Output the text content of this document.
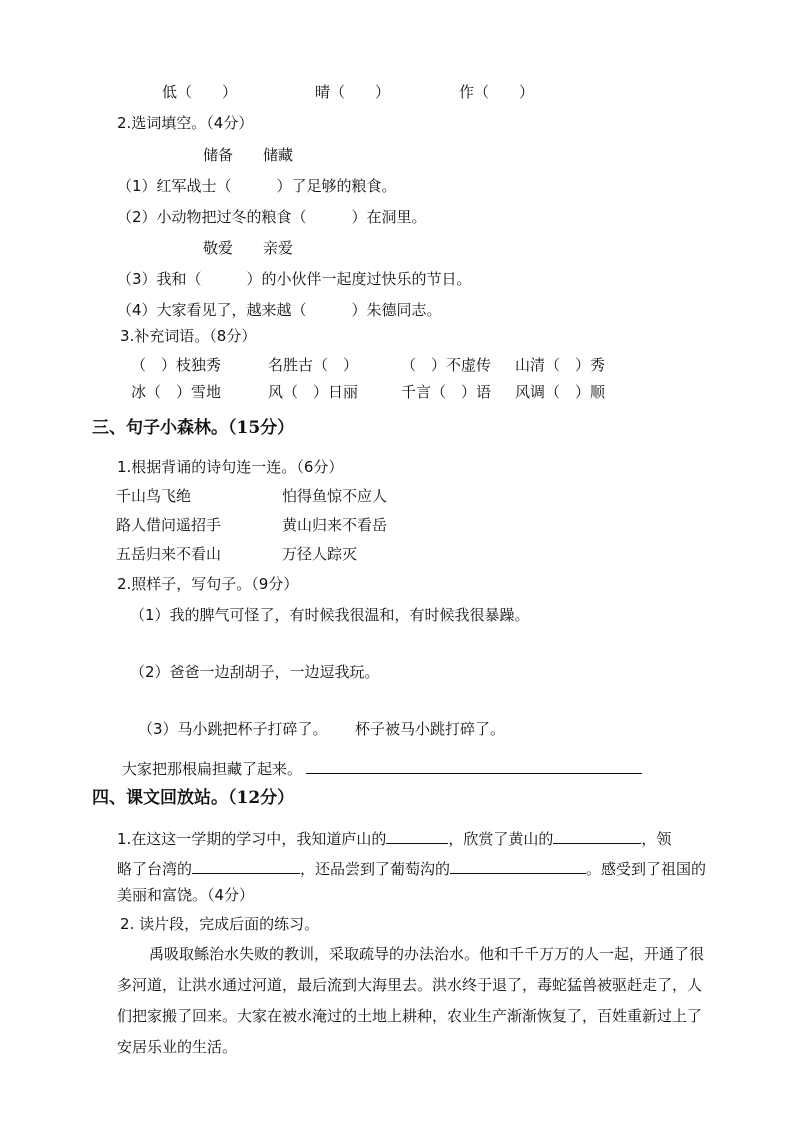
低（　　）	晴（　　）	作（　　）
2.选词填空。（4分）
储备　　储藏
（1）红军战士（　　　）了足够的粮食。
（2）小动物把过冬的粮食（　　　）在洞里。
敬爱　　亲爱
（3）我和（　　　）的小伙伴一起度过快乐的节日。
（4）大家看见了，越来越（　　　）朱德同志。
3.补充词语。（8分）
（　）枝独秀	名胜古（　）	（　）不虚传 山清（　）秀
冰（　）雪地	风（　）日丽	千言（　）语 风调（　）顺
三、句子小森林。（15分）
1.根据背诵的诗句连一连。（6分）
千山鸟飞绝
路人借问遥招手
五岳归来不看山
怕得鱼惊不应人
黄山归来不看岳
万径人踪灭
2.照样子，写句子。（9分）
（1）我的脾气可怪了，有时候我很温和，有时候我很暴躁。
（2）爸爸一边刮胡子，一边逗我玩。
（3）马小跳把杯子打碎了。 杯子被马小跳打碎了。
大家把那根扁担藏了起来。
四、课文回放站。（12分）
1.在这这一学期的学习中，我知道庐山的	，欣赏了黄山的	，领
略了台湾的	，还品尝到了葡萄沟的	。感受到了祖国的
美丽和富饶。（4分）
2. 读片段，完成后面的练习。
禹吸取鲧治水失败的教训，采取疏导的办法治水。他和千千万万的人一起，开通了很多河道，让洪水通过河道，最后流到大海里去。洪水终于退了，毒蛇猛兽被驱赶走了，人们把家搬了回来。大家在被水淹过的土地上耕种，农业生产渐渐恢复了，百姓重新过上了安居乐业的生活。
